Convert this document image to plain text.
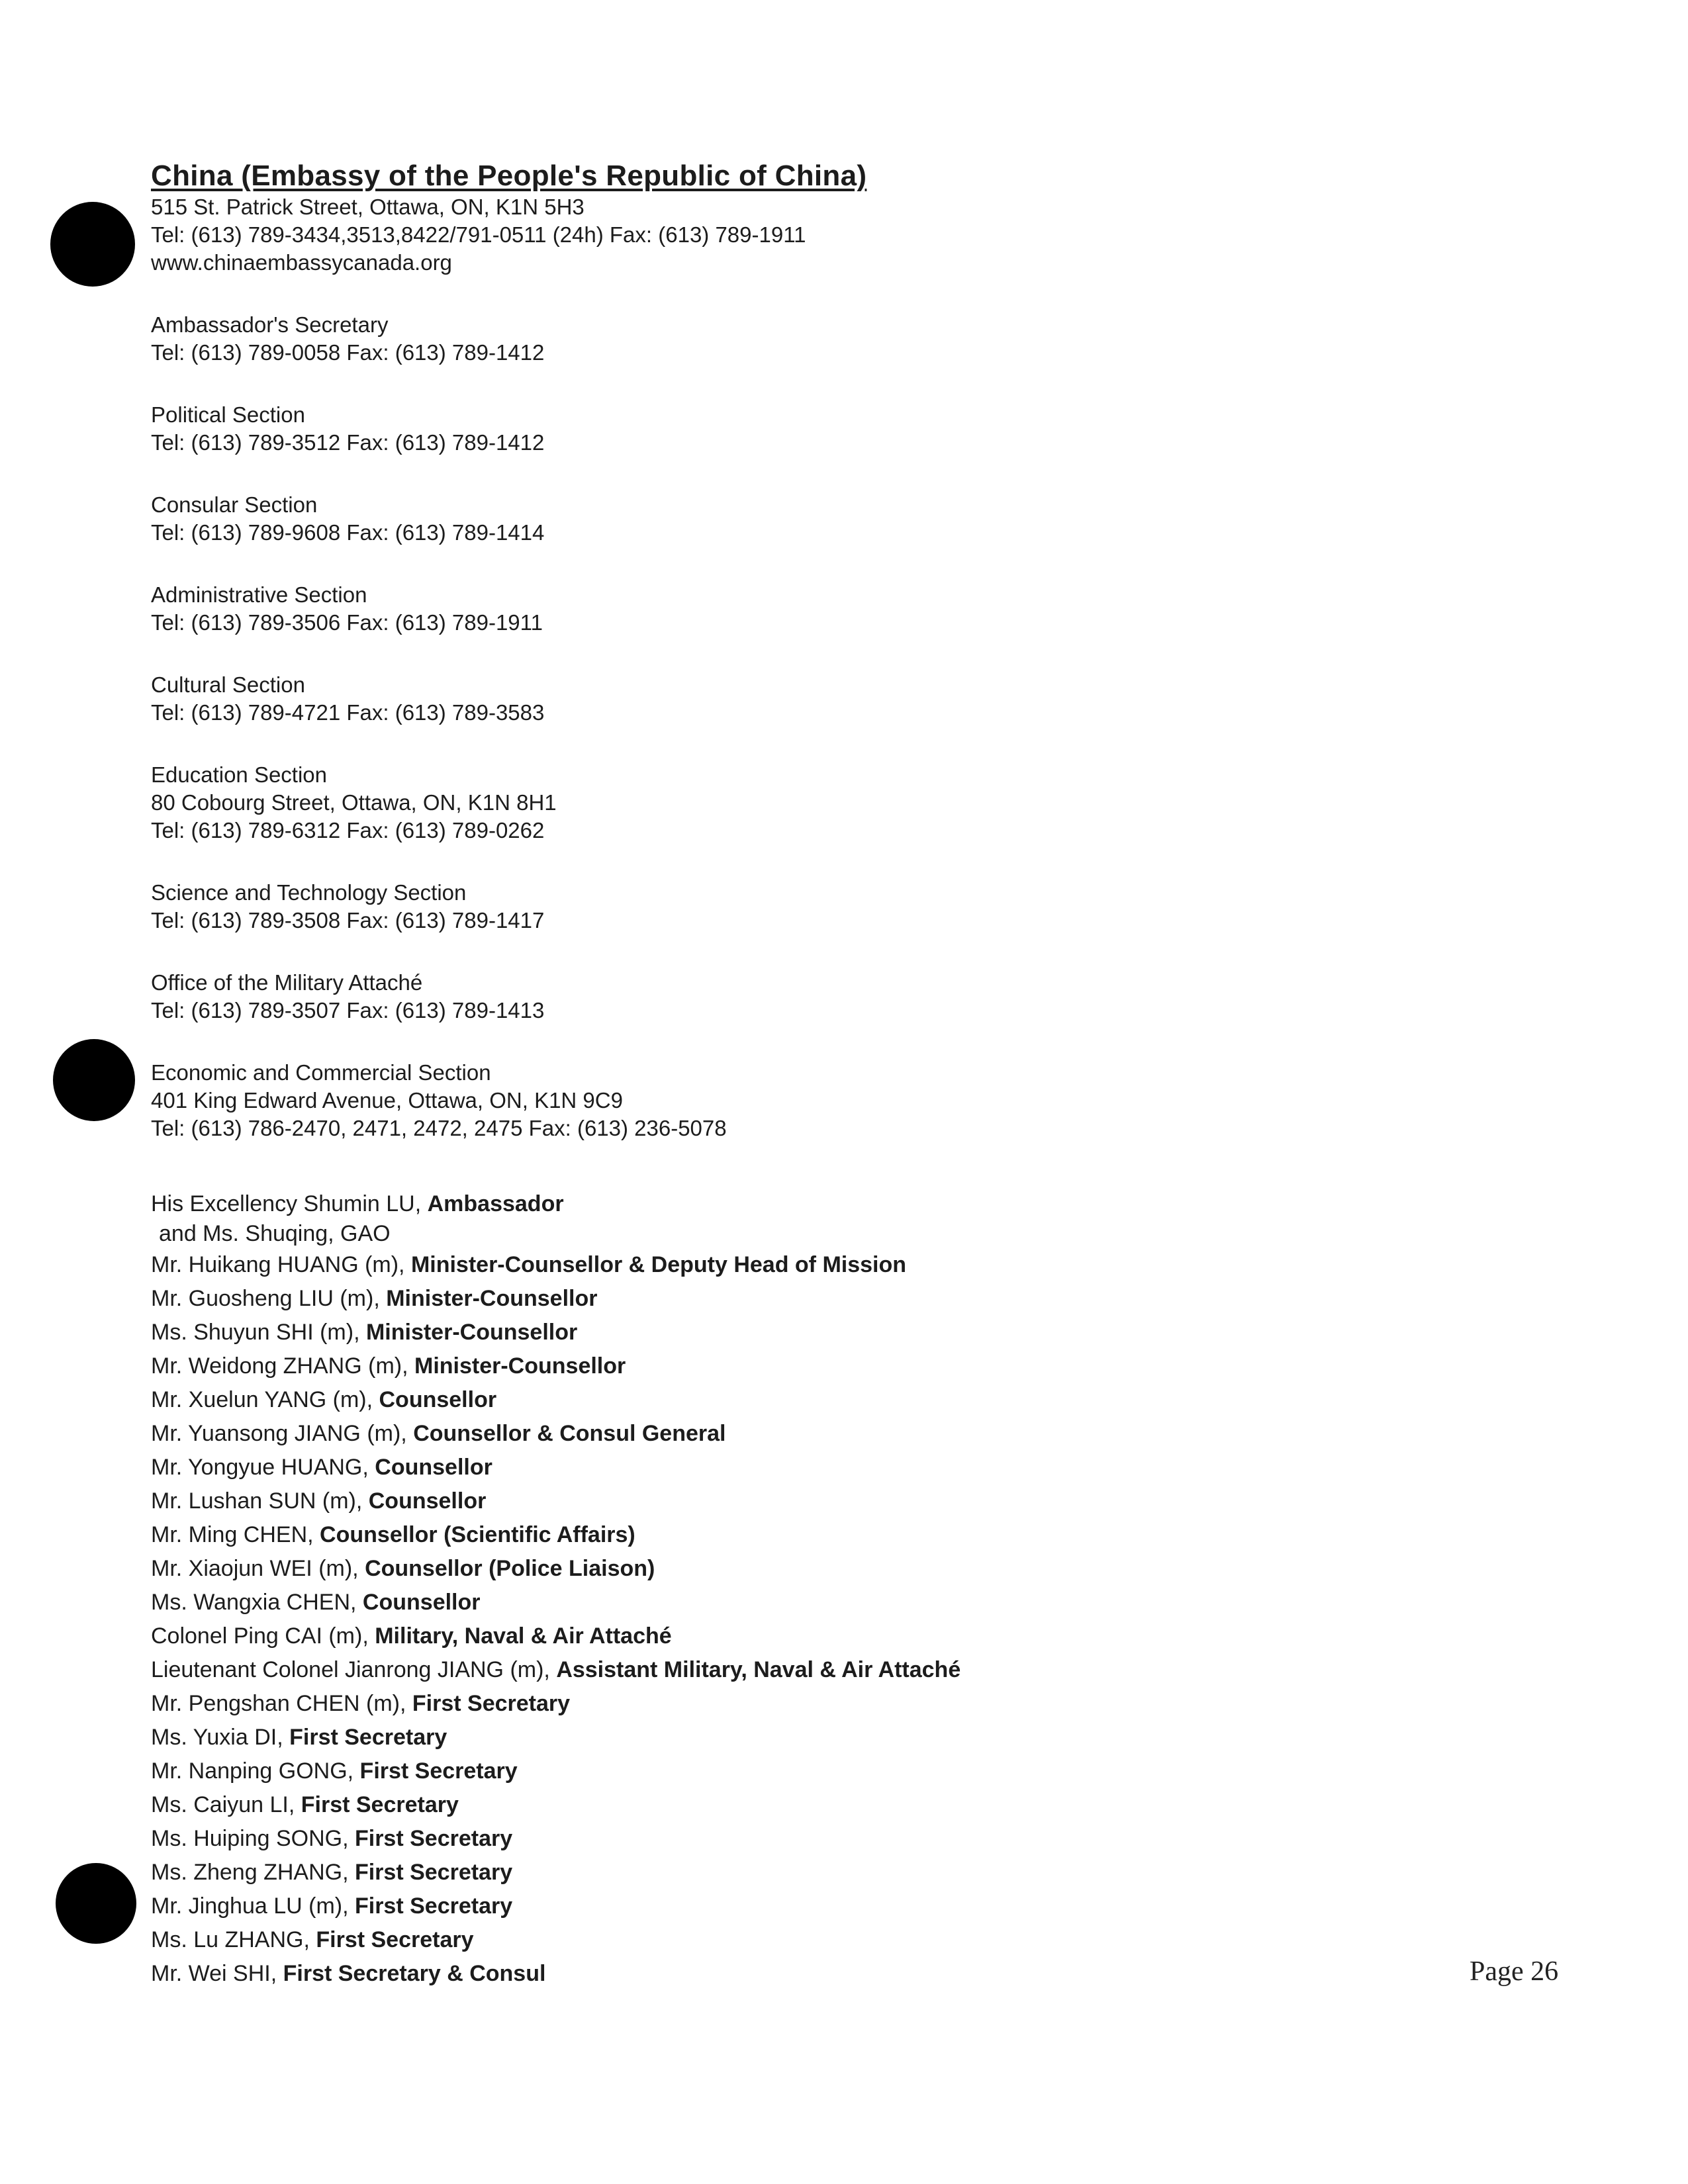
China (Embassy of the People's Republic of China)

515 St. Patrick Street, Ottawa, ON, K1N 5H3

Tel: (613) 789-3434,3513,8422/791-0511 (24h) Fax: (613) 789-1911

www.chinaembassycanada.org

Ambassador's Secretary

Tel: (613) 789-0058 Fax: (613) 789-1412

Political Section

Tel: (613) 789-3512 Fax: (613) 789-1412

Consular Section

Tel: (613) 789-9608 Fax: (613) 789-1414

Administrative Section

Tel: (613) 789-3506 Fax: (613) 789-1911

Cultural Section

Tel: (613) 789-4721 Fax: (613) 789-3583

Education Section

80 Cobourg Street, Ottawa, ON, K1N 8H1

Tel: (613) 789-6312 Fax: (613) 789-0262

Science and Technology Section

Tel: (613) 789-3508 Fax: (613) 789-1417

Office of the Military Attaché

Tel: (613) 789-3507 Fax: (613) 789-1413

Economic and Commercial Section

401 King Edward Avenue, Ottawa, ON, K1N 9C9

Tel: (613) 786-2470, 2471, 2472, 2475 Fax: (613) 236-5078

His Excellency Shumin LU, Ambassador

and Ms. Shuqing, GAO

Mr. Huikang HUANG (m), Minister-Counsellor & Deputy Head of Mission

Mr. Guosheng LIU (m), Minister-Counsellor

Ms. Shuyun SHI (m), Minister-Counsellor

Mr. Weidong ZHANG (m), Minister-Counsellor

Mr. Xuelun YANG (m), Counsellor

Mr. Yuansong JIANG (m), Counsellor & Consul General

Mr. Yongyue HUANG, Counsellor

Mr. Lushan SUN (m), Counsellor

Mr. Ming CHEN, Counsellor (Scientific Affairs)

Mr. Xiaojun WEI (m), Counsellor (Police Liaison)

Ms. Wangxia CHEN, Counsellor

Colonel Ping CAI (m), Military, Naval & Air Attaché

Lieutenant Colonel Jianrong JIANG (m), Assistant Military, Naval & Air Attaché

Mr. Pengshan CHEN (m), First Secretary

Ms. Yuxia DI, First Secretary

Mr. Nanping GONG, First Secretary

Ms. Caiyun LI, First Secretary

Ms. Huiping SONG, First Secretary

Ms. Zheng ZHANG, First Secretary

Mr. Jinghua LU (m), First Secretary

Ms. Lu ZHANG, First Secretary

Mr. Wei SHI, First Secretary & Consul	Page 26
